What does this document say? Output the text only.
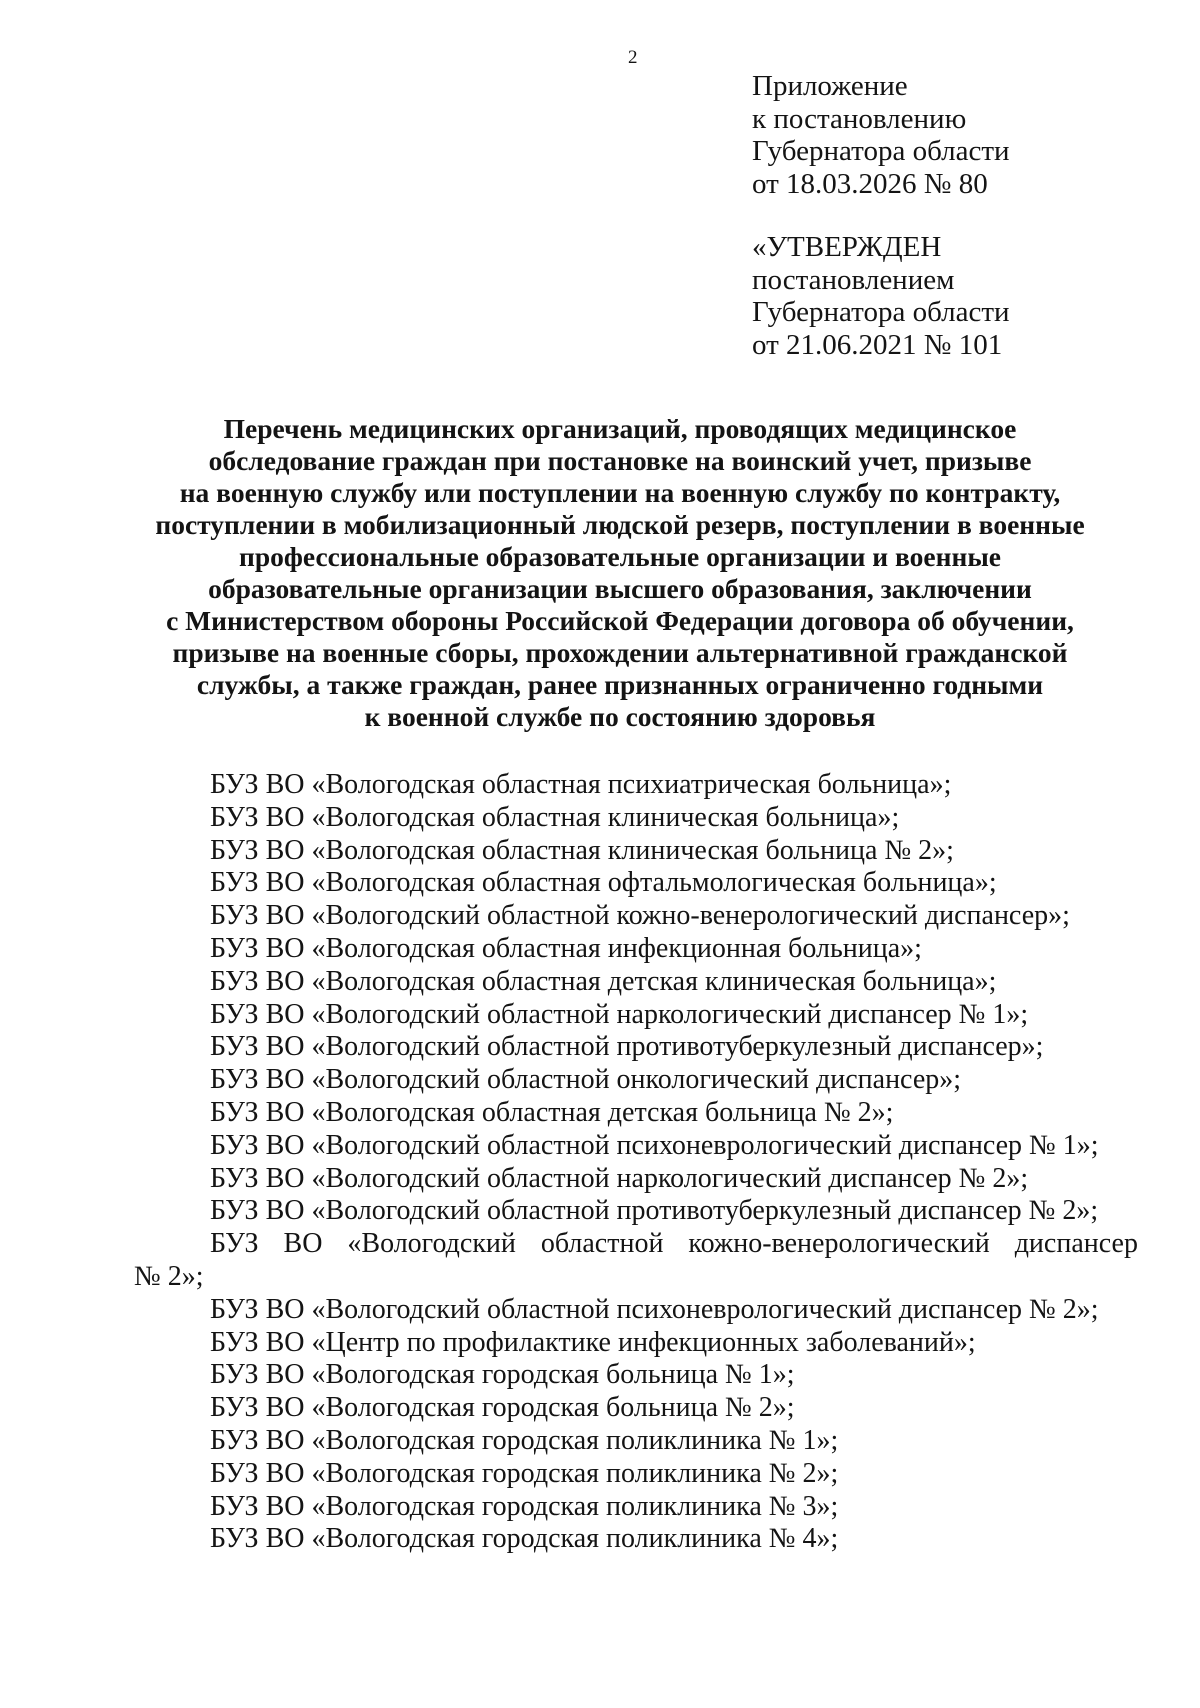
2
Приложение
к постановлению
Губернатора области
от 18.03.2026 № 80
«УТВЕРЖДЕН
постановлением
Губернатора области
от 21.06.2021 № 101
Перечень медицинских организаций, проводящих медицинское
обследование граждан при постановке на воинский учет, призыве
на военную службу или поступлении на военную службу по контракту,
поступлении в мобилизационный людской резерв, поступлении в военные
профессиональные образовательные организации и военные
образовательные организации высшего образования, заключении
с Министерством обороны Российской Федерации договора об обучении,
призыве на военные сборы, прохождении альтернативной гражданской
службы, а также граждан, ранее признанных ограниченно годными
к военной службе по состоянию здоровья
БУЗ ВО «Вологодская областная психиатрическая больница»;
БУЗ ВО «Вологодская областная клиническая больница»;
БУЗ ВО «Вологодская областная клиническая больница № 2»;
БУЗ ВО «Вологодская областная офтальмологическая больница»;
БУЗ ВО «Вологодский областной кожно-венерологический диспансер»;
БУЗ ВО «Вологодская областная инфекционная больница»;
БУЗ ВО «Вологодская областная детская клиническая больница»;
БУЗ ВО «Вологодский областной наркологический диспансер № 1»;
БУЗ ВО «Вологодский областной противотуберкулезный диспансер»;
БУЗ ВО «Вологодский областной онкологический диспансер»;
БУЗ ВО «Вологодская областная детская больница № 2»;
БУЗ ВО «Вологодский областной психоневрологический диспансер № 1»;
БУЗ ВО «Вологодский областной наркологический диспансер № 2»;
БУЗ ВО «Вологодский областной противотуберкулезный диспансер № 2»;
БУЗ ВО «Вологодский областной кожно-венерологический диспансер
№ 2»;
БУЗ ВО «Вологодский областной психоневрологический диспансер № 2»;
БУЗ ВО «Центр по профилактике инфекционных заболеваний»;
БУЗ ВО «Вологодская городская больница № 1»;
БУЗ ВО «Вологодская городская больница № 2»;
БУЗ ВО «Вологодская городская поликлиника № 1»;
БУЗ ВО «Вологодская городская поликлиника № 2»;
БУЗ ВО «Вологодская городская поликлиника № 3»;
БУЗ ВО «Вологодская городская поликлиника № 4»;
